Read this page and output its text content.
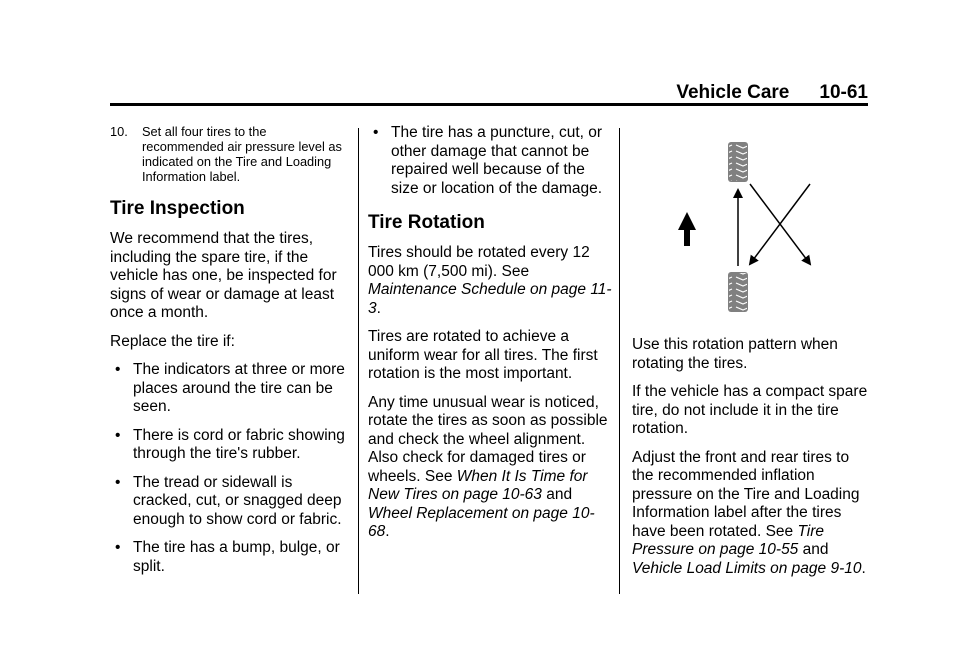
Vehicle Care 10-61
10.	Set all four tires to the recommended air pressure level as indicated on the Tire and Loading Information label.
Tire Inspection

We recommend that the tires, including the spare tire, if the vehicle has one, be inspected for signs of wear or damage at least once a month.

Replace the tire if:

• The indicators at three or more places around the tire can be seen.
• There is cord or fabric showing through the tire's rubber.
• The tread or sidewall is cracked, cut, or snagged deep enough to show cord or fabric.
• The tire has a bump, bulge, or split.
• The tire has a puncture, cut, or other damage that cannot be repaired well because of the size or location of the damage.
Tire Rotation

Tires should be rotated every 12 000 km (7,500 mi). See Maintenance Schedule on page 11-3.

Tires are rotated to achieve a uniform wear for all tires. The first rotation is the most important.

Any time unusual wear is noticed, rotate the tires as soon as possible and check the wheel alignment. Also check for damaged tires or wheels. See When It Is Time for New Tires on page 10-63 and Wheel Replacement on page 10-68.

Use this rotation pattern when rotating the tires.

If the vehicle has a compact spare tire, do not include it in the tire rotation.

Adjust the front and rear tires to the recommended inflation pressure on the Tire and Loading Information label after the tires have been rotated. See Tire Pressure on page 10-55 and Vehicle Load Limits on page 9-10.
